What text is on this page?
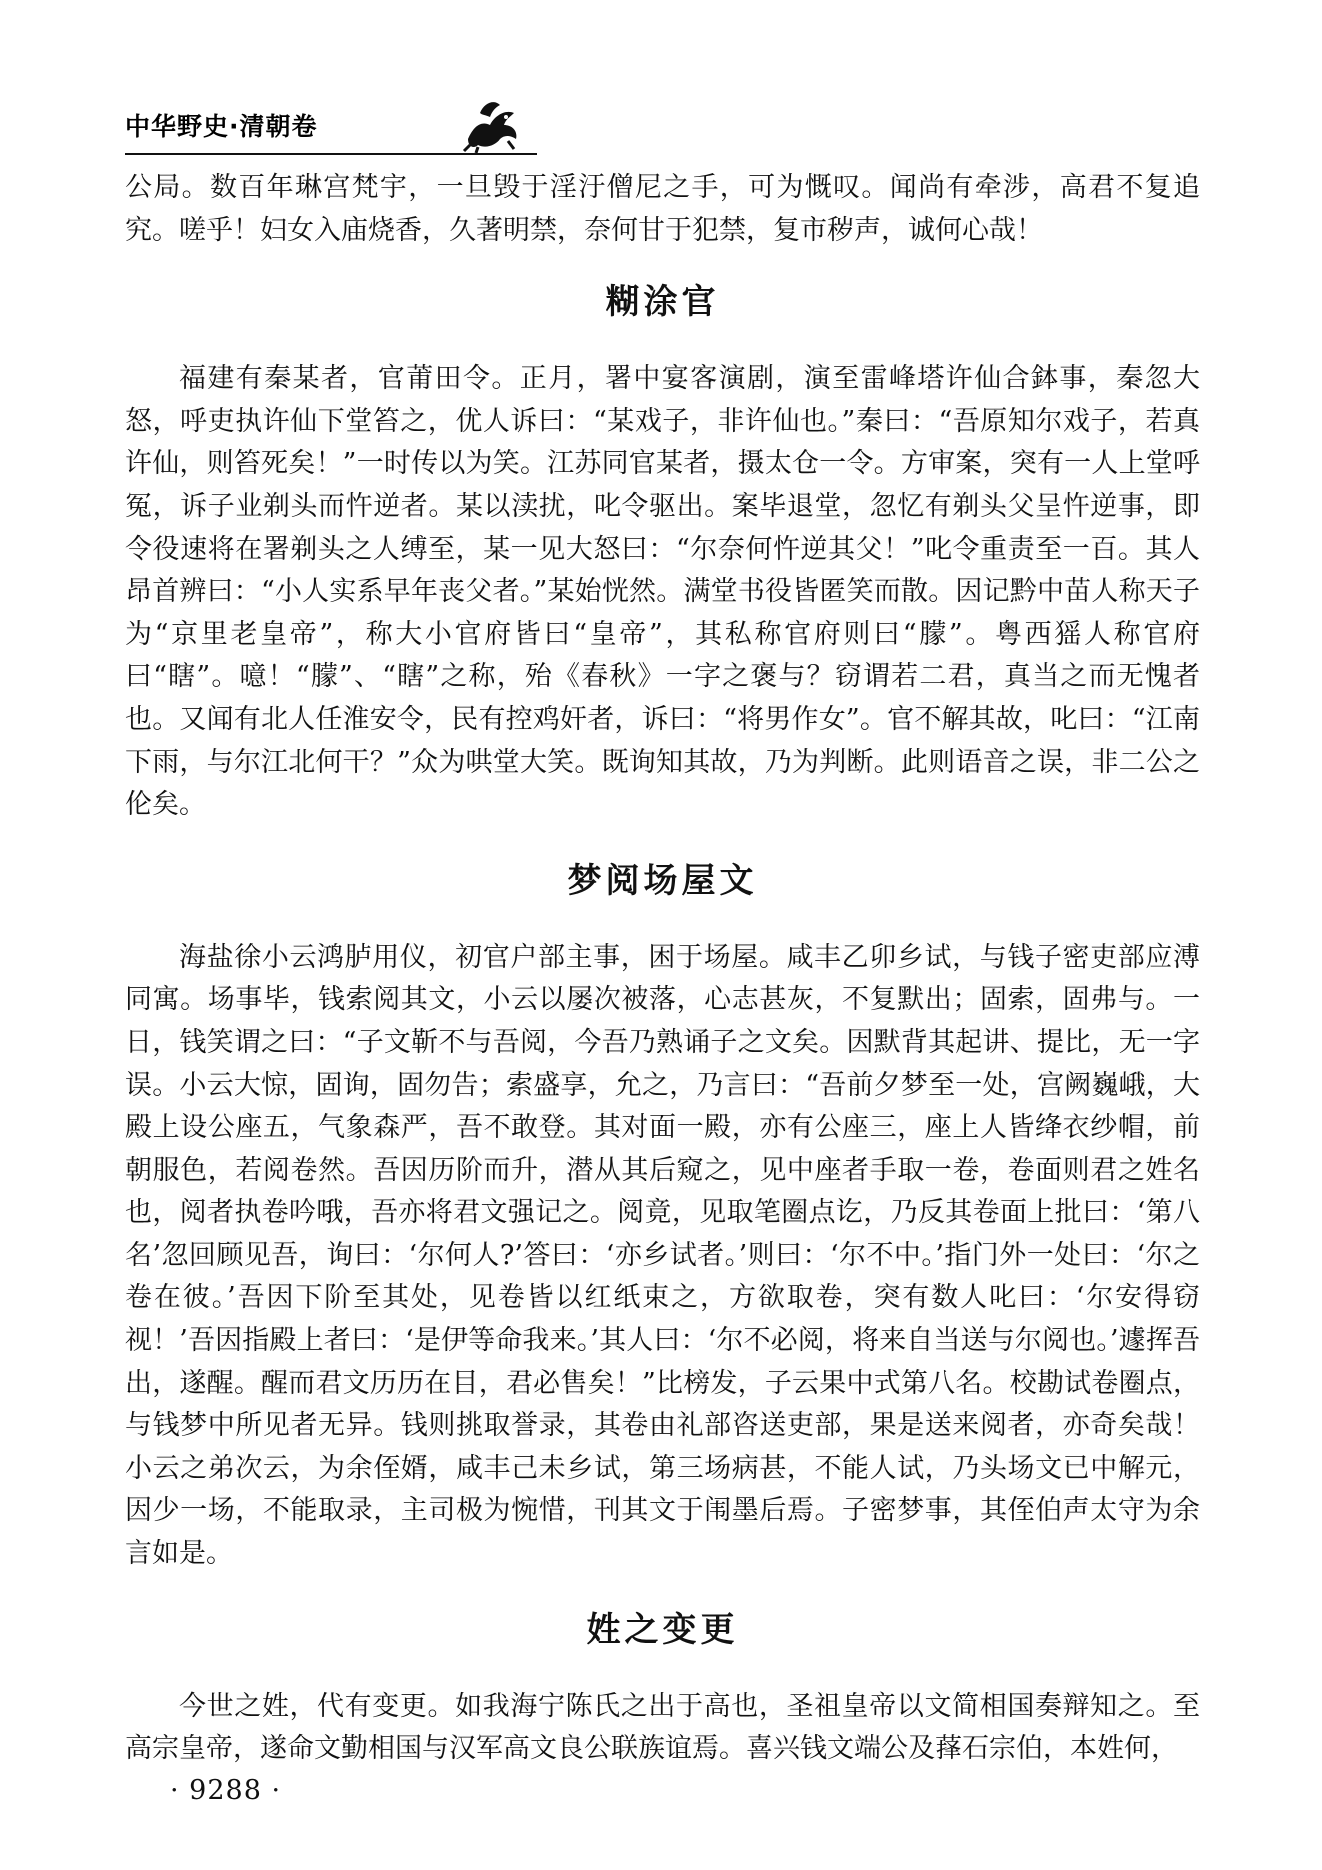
中华野史·清朝卷

公局。数百年琳宫梵宇，一旦毁于淫汙僧尼之手，可为慨叹。闻尚有牵涉，高君不复追究。嗟乎！妇女入庙烧香，久著明禁，奈何甘于犯禁，复市秽声，诚何心哉！

糊涂官

福建有秦某者，官莆田令。正月，署中宴客演剧，演至雷峰塔许仙合鉢事，秦忽大怒，呼吏执许仙下堂笞之，优人诉曰：“某戏子，非许仙也。”秦曰：“吾原知尔戏子，若真许仙，则笞死矣！”一时传以为笑。江苏同官某者，摄太仓一令。方审案，突有一人上堂呼冤，诉子业剃头而忤逆者。某以渎扰，叱令驱出。案毕退堂，忽忆有剃头父呈忤逆事，即令役速将在署剃头之人缚至，某一见大怒曰：“尔奈何忤逆其父！”叱令重责至一百。其人昂首辨曰：“小人实系早年丧父者。”某始恍然。满堂书役皆匿笑而散。因记黔中苗人称天子为“京里老皇帝”，称大小官府皆曰“皇帝”，其私称官府则曰“朦”。粤西猺人称官府曰“瞎”。噫！“朦”、“瞎”之称，殆《春秋》一字之褒与？窃谓若二君，真当之而无愧者也。又闻有北人任淮安令，民有控鸡奸者，诉曰：“将男作女”。官不解其故，叱曰：“江南下雨，与尔江北何干？”众为哄堂大笑。既询知其故，乃为判断。此则语音之误，非二公之伦矣。

梦阅场屋文

海盐徐小云鸿胪用仪，初官户部主事，困于场屋。咸丰乙卯乡试，与钱子密吏部应溥同寓。场事毕，钱索阅其文，小云以屡次被落，心志甚灰，不复默出；固索，固弗与。一日，钱笑谓之曰：“子文靳不与吾阅，今吾乃熟诵子之文矣。因默背其起讲、提比，无一字误。小云大惊，固询，固勿告；索盛享，允之，乃言曰：“吾前夕梦至一处，宫阙巍峨，大殿上设公座五，气象森严，吾不敢登。其对面一殿，亦有公座三，座上人皆绛衣纱帽，前朝服色，若阅卷然。吾因历阶而升，潜从其后窥之，见中座者手取一卷，卷面则君之姓名也，阅者执卷吟哦，吾亦将君文强记之。阅竟，见取笔圈点讫，乃反其卷面上批曰：‘第八名’忽回顾见吾，询曰：‘尔何人?’答曰：‘亦乡试者。’则曰：‘尔不中。’指门外一处曰：‘尔之卷在彼。’吾因下阶至其处，见卷皆以红纸束之，方欲取卷，突有数人叱曰：‘尔安得窃视！’吾因指殿上者曰：‘是伊等命我来。’其人曰：‘尔不必阅，将来自当送与尔阅也。’遽挥吾出，遂醒。醒而君文历历在目，君必售矣！”比榜发，子云果中式第八名。校勘试卷圈点，与钱梦中所见者无异。钱则挑取誉录，其卷由礼部咨送吏部，果是送来阅者，亦奇矣哉！小云之弟次云，为余侄婿，咸丰己未乡试，第三场病甚，不能人试，乃头场文已中解元，因少一场，不能取录，主司极为惋惜，刊其文于闱墨后焉。子密梦事，其侄伯声太守为余言如是。

姓之变更

今世之姓，代有变更。如我海宁陈氏之出于高也，圣祖皇帝以文简相国奏辩知之。至高宗皇帝，遂命文勤相国与汉军高文良公联族谊焉。喜兴钱文端公及萚石宗伯，本姓何，

· 9288 ·
